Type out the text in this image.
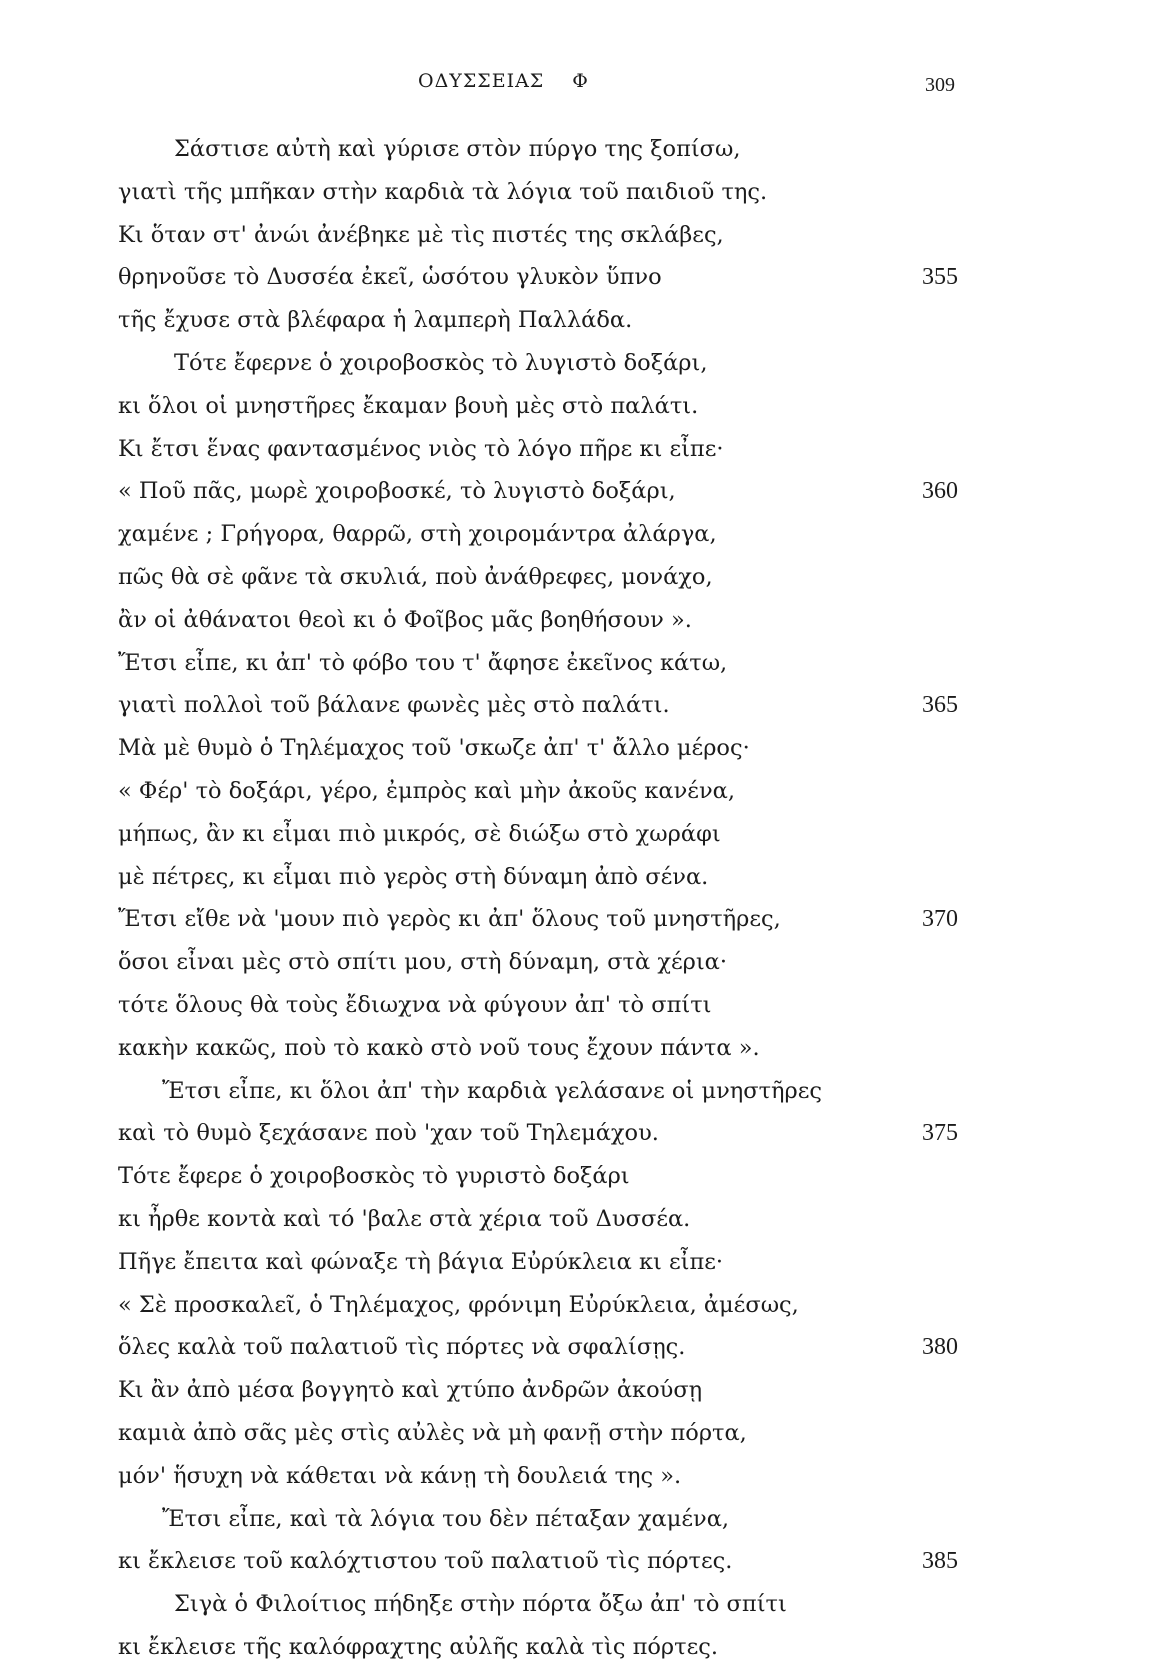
ΟΔΥΣΣΕΙΑΣ Φ	309
Σάστισε αὐτὴ καὶ γύρισε στὸν πύργο της ξοπίσω,
γιατὶ τῆς μπῆκαν στὴν καρδιὰ τὰ λόγια τοῦ παιδιοῦ της.
Κι ὅταν στ' ἀνώι ἀνέβηκε μὲ τὶς πιστές της σκλάβες,
θρηνοῦσε τὸ Δυσσέα ἐκεῖ, ὡσότου γλυκὸν ὕπνο	355
τῆς ἔχυσε στὰ βλέφαρα ἡ λαμπερὴ Παλλάδα.
Τότε ἔφερνε ὁ χοιροβοσκὸς τὸ λυγιστὸ δοξάρι,
κι ὅλοι οἱ μνηστῆρες ἔκαμαν βουὴ μὲς στὸ παλάτι.
Κι ἔτσι ἕνας φαντασμένος νιὸς τὸ λόγο πῆρε κι εἶπε·
« Ποῦ πᾶς, μωρὲ χοιροβοσκέ, τὸ λυγιστὸ δοξάρι,	360
χαμένε ; Γρήγορα, θαρρῶ, στὴ χοιρομάντρα ἀλάργα,
πῶς θὰ σὲ φᾶνε τὰ σκυλιά, ποὺ ἀνάθρεφες, μονάχο,
ἂν οἱ ἀθάνατοι θεοὶ κι ὁ Φοῖβος μᾶς βοηθήσουν ».
Ἔτσι εἶπε, κι ἀπ' τὸ φόβο του τ' ἄφησε ἐκεῖνος κάτω,
γιατὶ πολλοὶ τοῦ βάλανε φωνὲς μὲς στὸ παλάτι.	365
Μὰ μὲ θυμὸ ὁ Τηλέμαχος τοῦ 'σκωζε ἀπ' τ' ἄλλο μέρος·
« Φέρ' τὸ δοξάρι, γέρο, ἐμπρὸς καὶ μὴν ἀκοῦς κανένα,
μήπως, ἂν κι εἶμαι πιὸ μικρός, σὲ διώξω στὸ χωράφι
μὲ πέτρες, κι εἶμαι πιὸ γερὸς στὴ δύναμη ἀπὸ σένα.
Ἔτσι εἴθε νὰ 'μουν πιὸ γερὸς κι ἀπ' ὅλους τοῦ μνηστῆρες,	370
ὅσοι εἶναι μὲς στὸ σπίτι μου, στὴ δύναμη, στὰ χέρια·
τότε ὅλους θὰ τοὺς ἔδιωχνα νὰ φύγουν ἀπ' τὸ σπίτι
κακὴν κακῶς, ποὺ τὸ κακὸ στὸ νοῦ τους ἔχουν πάντα ».
Ἔτσι εἶπε, κι ὅλοι ἀπ' τὴν καρδιὰ γελάσανε οἱ μνηστῆρες
καὶ τὸ θυμὸ ξεχάσανε ποὺ 'χαν τοῦ Τηλεμάχου.	375
Τότε ἔφερε ὁ χοιροβοσκὸς τὸ γυριστὸ δοξάρι
κι ἦρθε κοντὰ καὶ τό 'βαλε στὰ χέρια τοῦ Δυσσέα.
Πῆγε ἔπειτα καὶ φώναξε τὴ βάγια Εὐρύκλεια κι εἶπε·
« Σὲ προσκαλεῖ, ὁ Τηλέμαχος, φρόνιμη Εὐρύκλεια, ἀμέσως,
ὅλες καλὰ τοῦ παλατιοῦ τὶς πόρτες νὰ σφαλίσῃς.	380
Κι ἂν ἀπὸ μέσα βογγητὸ καὶ χτύπο ἀνδρῶν ἀκούσῃ
καμιὰ ἀπὸ σᾶς μὲς στὶς αὐλὲς νὰ μὴ φανῇ στὴν πόρτα,
μόν' ἥσυχη νὰ κάθεται νὰ κάνῃ τὴ δουλειά της ».
Ἔτσι εἶπε, καὶ τὰ λόγια του δὲν πέταξαν χαμένα,
κι ἔκλεισε τοῦ καλόχτιστου τοῦ παλατιοῦ τὶς πόρτες.	385
Σιγὰ ὁ Φιλοίτιος πήδηξε στὴν πόρτα ὄξω ἀπ' τὸ σπίτι
κι ἔκλεισε τῆς καλόφραχτης αὐλῆς καλὰ τὶς πόρτες.
